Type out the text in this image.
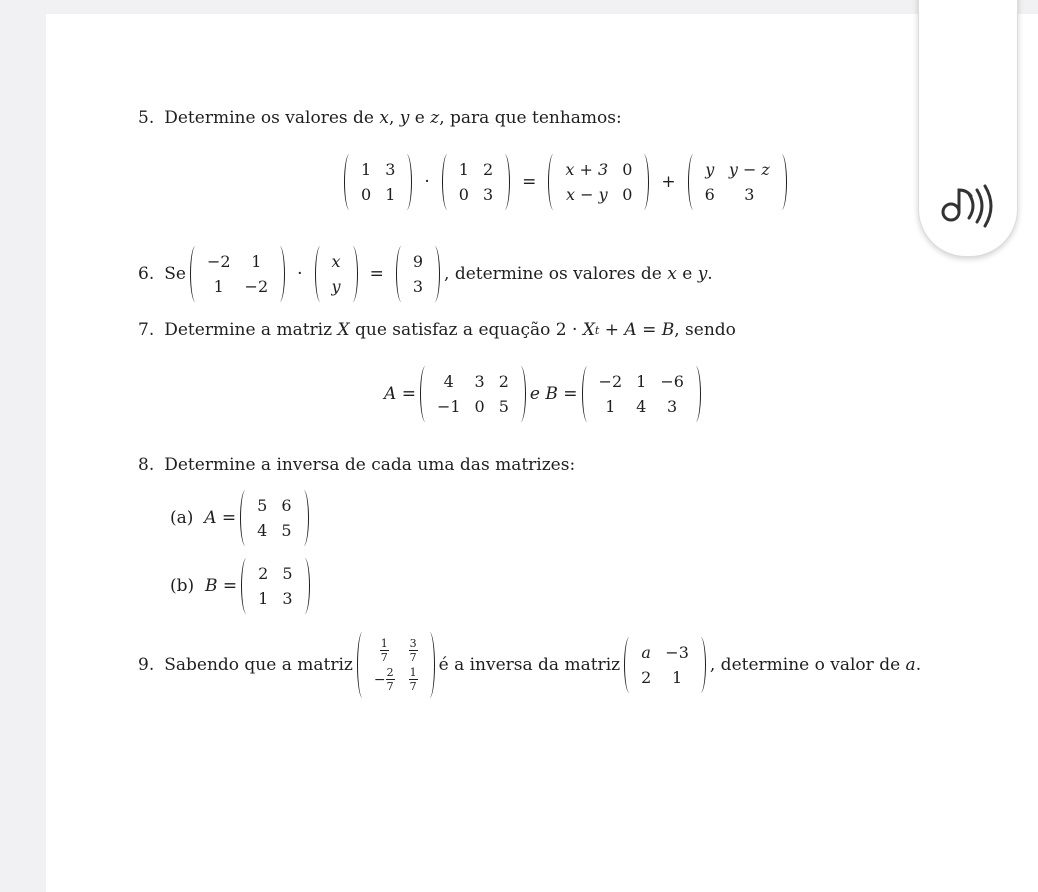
5. Determine os valores de
x ,
y
e
z , para que tenhamos:
1 3
0 1
·
1 2
0 3
=
x + 3 0
x − y 0
+
y y − z
6 3
6. Se
−2 1
1 −2
·
x
y
=
9
3
, determine os valores de
x
e
y .
7. Determine a matriz
X
que satisfaz a equação 2 ·
X t
+
A
=
B , sendo
A
=
4 3 2
−1 0 5
e
B
=
−2 1 −6
1 4 3
8. Determine a inversa de cada uma das matrizes:
(a)
A
=
5 6
4 5
(b)
B
=
2 5
1 3
9. Sabendo que a matriz
$\frac{1}{7} \frac{3}{7}$
− $\frac{2}{7} \frac{1}{7}$
é a inversa da matriz
a −3
2 1
, determine o valor de
a .
